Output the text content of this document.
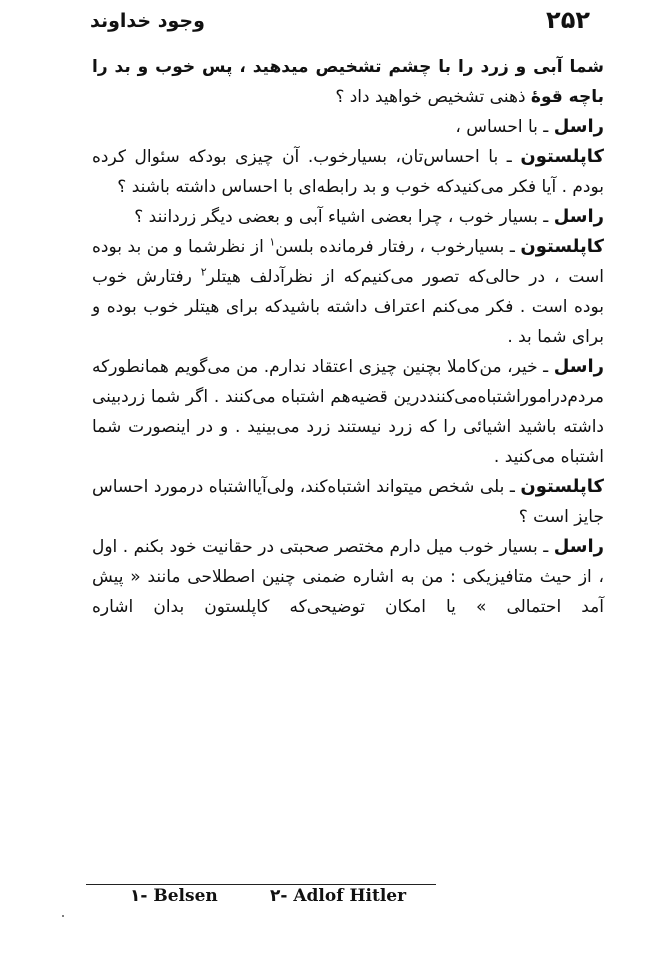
۲۵۲
وجود خداوند

شما آبی و زرد را با چشم تشخیص میدهید ، پس خوب و بد را باچه قوهٔ ذهنی تشخیص خواهید داد ؟

راسل ـ با احساس ،

کاپلستون ـ با احساس‌تان، بسیارخوب. آن چیزی بودکه سئوال کرده بودم . آیا فکر می‌کنیدکه خوب و بد رابطه‌ای با احساس داشته باشند ؟

راسل ـ بسیار خوب ، چرا بعضی اشیاء آبی و بعضی دیگر زردانند ؟

کاپلستون ـ بسیارخوب ، رفتار فرمانده بلسن$^۱$ از نظرشما و من بد بوده است ، در حالی‌که تصور می‌کنیم‌که از نظرآدلف هیتلر$^۲$ رفتارش خوب بوده است . فکر می‌کنم اعتراف داشته باشیدکه برای هیتلر خوب بوده و برای شما بد .

راسل ـ خیر، من‌کاملا بچنین چیزی اعتقاد ندارم. من می‌گویم همانطورکه مردم‌درامورا‌شتباه‌می‌کنند‌در‌ین قضیه‌هم اشتباه می‌کنند . اگر شما زردبینی داشته باشید اشیائی را که زرد نیستند زرد می‌بینید . و در اینصورت شما اشتباه می‌کنید .

کاپلستون ـ بلی شخص میتواند اشتباه‌کند، ولی‌آیااشتباه درمورد احساس جایز است ؟

راسل ـ بسیار خوب میل دارم مختصر صحبتی در حقانیت خود بکنم . اول ، از حیث متافیزیکی : من به اشاره ضمنی چنین اصطلاحی مانند « پیش آمد احتمالی » یا امکان توضیحی‌که کاپلستون بدان اشاره

۱- Belsen	۲- Adlof Hitler
